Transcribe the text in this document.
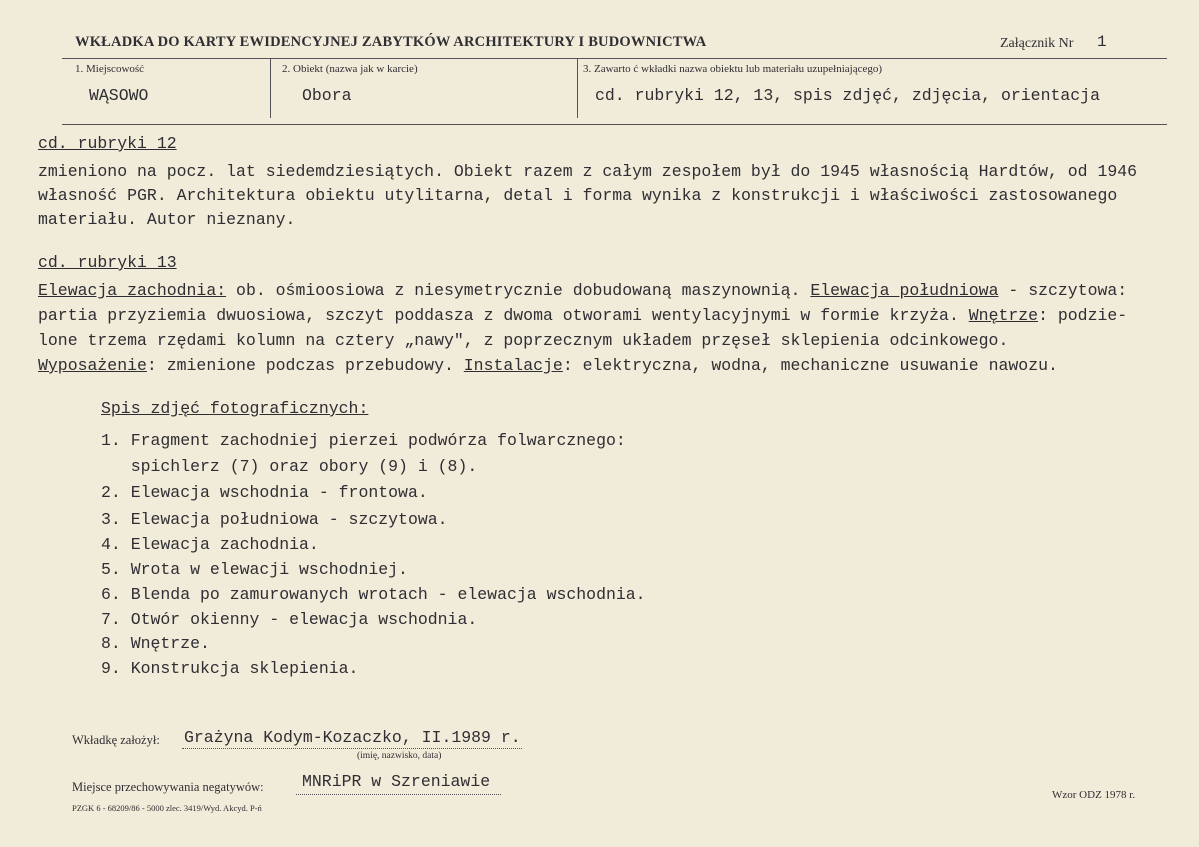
WKŁADKA DO KARTY EWIDENCYJNEJ ZABYTKÓW ARCHITEKTURY I BUDOWNICTWA	Załącznik Nr 1
1. Miejscowość
WĄSOWO
2. Obiekt (nazwa jak w karcie)
Obora
3. Zawarto ć wkładki nazwa obiektu lub materiału uzupełniającego)
cd. rubryki 12, 13, spis zdjęć, zdjęcia, orientacja
cd. rubryki 12
zmieniono na pocz. lat siedemdziesiątych. Obiekt razem z całym zespołem był do 1945 własnością Hardtów, od 1946
własność PGR. Architektura obiektu utylitarna, detal i forma wynika z konstrukcji i właściwości zastosowanego
materiału. Autor nieznany.
cd. rubryki 13
Elewacja zachodnia: ob. ośmioosiowa z niesymetrycznie dobudowaną maszynownią. Elewacja południowa - szczytowa:
partia przyziemia dwuosiowa, szczyt poddasza z dwoma otworami wentylacyjnymi w formie krzyża. Wnętrze: podzie-
lone trzema rzędami kolumn na cztery „nawy", z poprzecznym układem przęseł sklepienia odcinkowego.
Wyposażenie: zmienione podczas przebudowy. Instalacje: elektryczna, wodna, mechaniczne usuwanie nawozu.
Spis zdjęć fotograficznych:
1. Fragment zachodniej pierzei podwórza folwarcznego:
spichlerz (7) oraz obory (9) i (8).
2. Elewacja wschodnia - frontowa.
3. Elewacja południowa - szczytowa.
4. Elewacja zachodnia.
5. Wrota w elewacji wschodniej.
6. Blenda po zamurowanych wrotach - elewacja wschodnia.
7. Otwór okienny - elewacja wschodnia.
8. Wnętrze.
9. Konstrukcja sklepienia.
Wkładkę założył: Grażyna Kodym-Kozaczko, II.1989 r.
(imię, nazwisko, data)
Miejsce przechowywania negatywów: MNRiPR w Szreniawie
PZGK 6 - 68209/86 - 5000 zlec. 3419/Wyd. Akcyd. P-ń
Wzor ODZ 1978 r.
